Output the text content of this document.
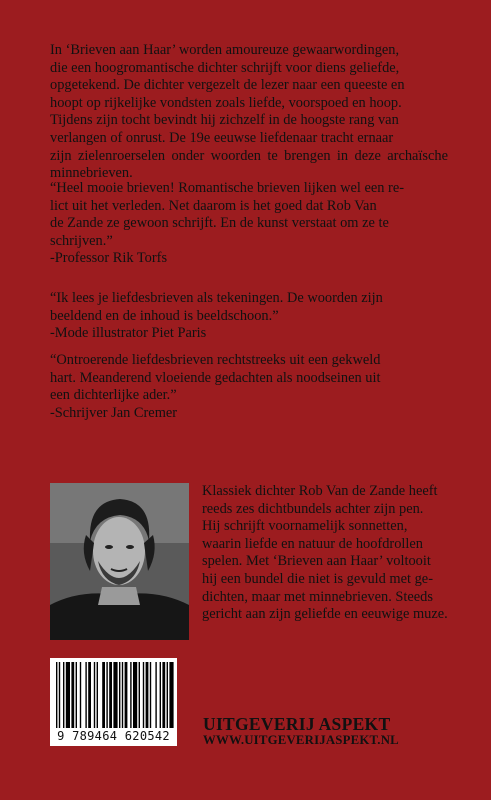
In ‘Brieven aan Haar’ worden amoureuze gewaarwordingen,
die een hoogromantische dichter schrijft voor diens geliefde,
opgetekend. De dichter vergezelt de lezer naar een queeste en
hoopt op rijkelijke vondsten zoals liefde, voorspoed en hoop.
Tijdens zijn tocht bevindt hij zichzelf in de hoogste rang van
verlangen of onrust. De 19e eeuwse liefdenaar tracht ernaar
zijn zielenroerselen onder woorden te brengen in deze archaïsche minnebrieven.

“Heel mooie brieven! Romantische brieven lijken wel een re-
lict uit het verleden. Net daarom is het goed dat Rob Van
de Zande ze gewoon schrijft. En de kunst verstaat om ze te
schrijven.”
-Professor Rik Torfs

“Ik lees je liefdesbrieven als tekeningen. De woorden zijn
beeldend en de inhoud is beeldschoon.”
-Mode illustrator Piet Paris

“Ontroerende liefdesbrieven rechtstreeks uit een gekweld
hart. Meanderend vloeiende gedachten als noodseinen uit
een dichterlijke ader.”
-Schrijver Jan Cremer

Klassiek dichter Rob Van de Zande heeft
reeds zes dichtbundels achter zijn pen.
Hij schrijft voornamelijk sonnetten,
waarin liefde en natuur de hoofdrollen
spelen. Met ‘Brieven aan Haar’ voltooit
hij een bundel die niet is gevuld met ge-
dichten, maar met minnebrieven. Steeds
gericht aan zijn geliefde en eeuwige muze.

9 789464 620542
UITGEVERIJ ASPEKT
WWW.UITGEVERIJASPEKT.NL
